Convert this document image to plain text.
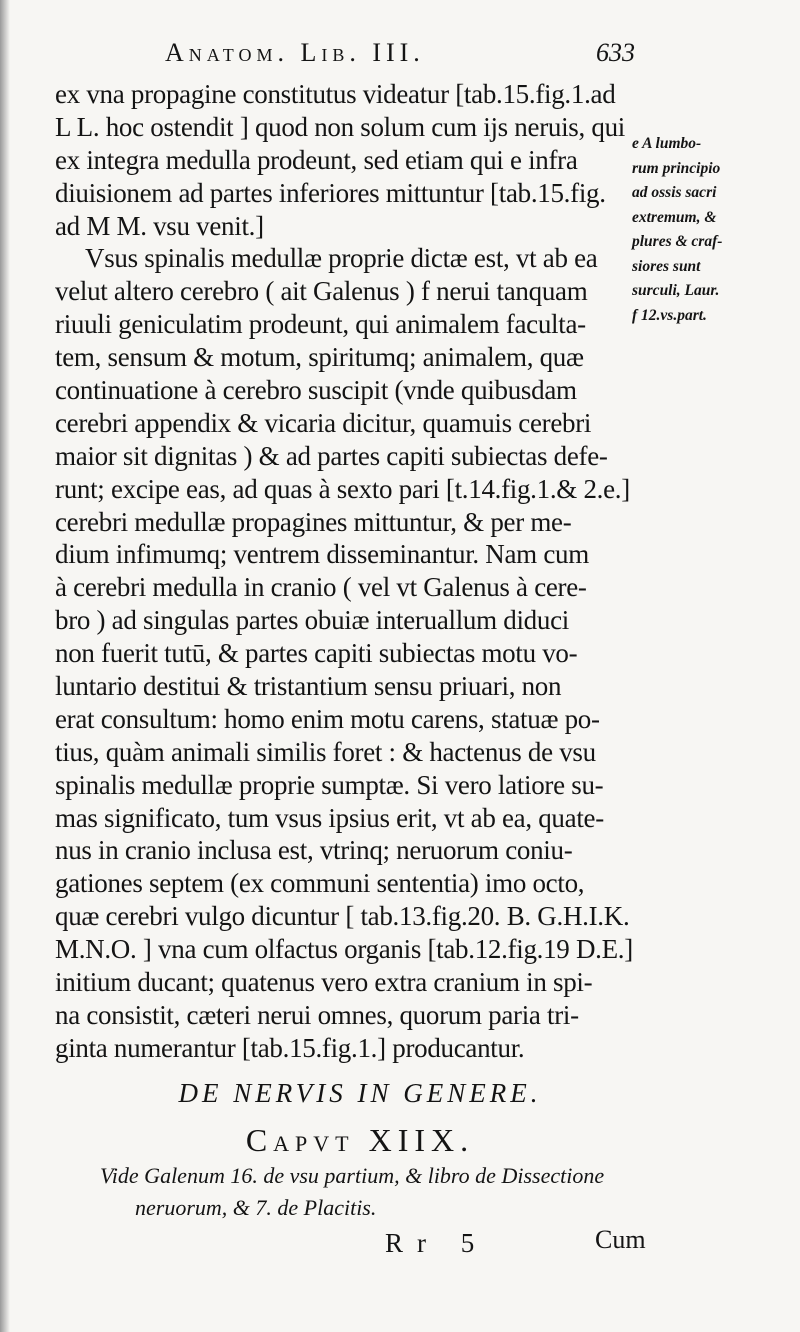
Anatom. Lib. III.	633
ex vna propagine constitutus videatur [tab.15.fig.1.ad
L L. hoc ostendit ] quod non solum cum ijs neruis, qui
ex integra medulla prodeunt, sed etiam qui e infra
diuisionem ad partes inferiores mittuntur [tab.15.fig.
ad M M. vsu venit.]
Vsus spinalis medullæ proprie dictæ est, vt ab ea
velut altero cerebro ( ait Galenus ) f nerui tanquam
riuuli geniculatim prodeunt, qui animalem faculta-
tem, sensum & motum, spiritumq; animalem, quæ
continuatione à cerebro suscipit (vnde quibusdam
cerebri appendix & vicaria dicitur, quamuis cerebri
maior sit dignitas ) & ad partes capiti subiectas defe-
runt; excipe eas, ad quas à sexto pari [t.14.fig.1.& 2.e.]
cerebri medullæ propagines mittuntur, & per me-
dium infimumq; ventrem disseminantur. Nam cum
à cerebri medulla in cranio ( vel vt Galenus à cere-
bro ) ad singulas partes obuiæ interuallum diduci
non fuerit tutū, & partes capiti subiectas motu vo-
luntario destitui & tristantium sensu priuari, non
erat consultum: homo enim motu carens, statuæ po-
tius, quàm animali similis foret : & hactenus de vsu
spinalis medullæ proprie sumptæ. Si vero latiore su-
mas significato, tum vsus ipsius erit, vt ab ea, quate-
nus in cranio inclusa est, vtrinq; neruorum coniu-
gationes septem (ex communi sententia) imo octo,
quæ cerebri vulgo dicuntur [ tab.13.fig.20. B. G.H.I.K.
M.N.O. ] vna cum olfactus organis [tab.12.fig.19 D.E.]
initium ducant; quatenus vero extra cranium in spi-
na consistit, cæteri nerui omnes, quorum paria tri-
ginta numerantur [tab.15.fig.1.] producantur.
e A lumbo-
rum principio
ad ossis sacri
extremum, &
plures & craf-
siores sunt
surculi, Laur.
f 12.vs.part.
DE NERVIS IN GENERE.
Capvt XIIX.
Vide Galenum 16. de vsu partium, & libro de Dissectione
neruorum, & 7. de Placitis.
Rr 5	Cum
